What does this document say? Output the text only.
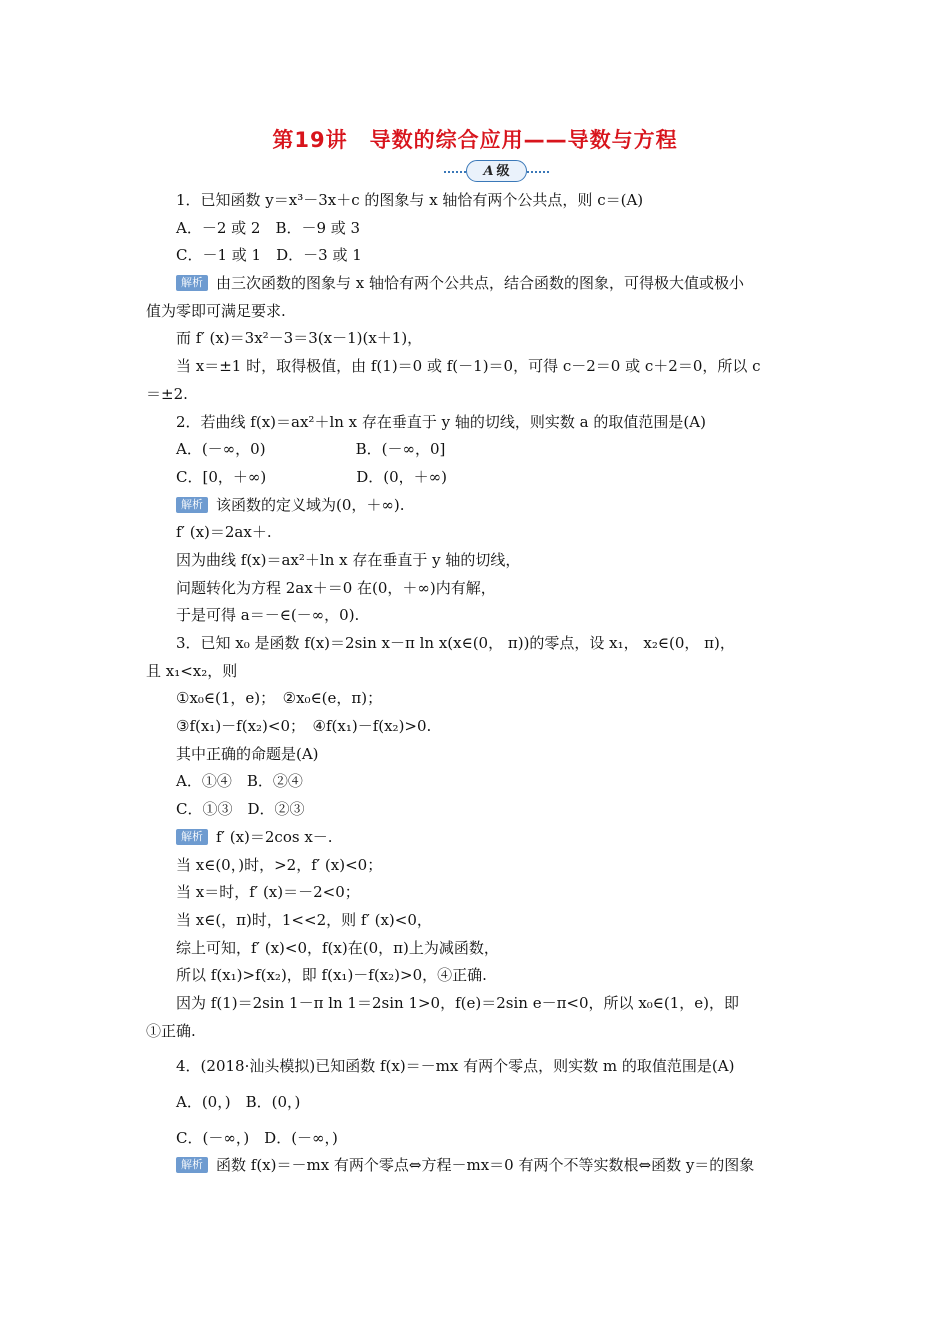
第19讲　导数的综合应用——导数与方程
A 级
1．已知函数 y＝x³－3x＋c 的图象与 x 轴恰有两个公共点，则 c＝(A)
A．－2 或 2　B．－9 或 3
C．－1 或 1　D．－3 或 1
解析 由三次函数的图象与 x 轴恰有两个公共点，结合函数的图象，可得极大值或极小
值为零即可满足要求.
而 f′ (x)＝3x²－3＝3(x－1)(x＋1)，
当 x＝±1 时，取得极值，由 f(1)＝0 或 f(－1)＝0，可得 c－2＝0 或 c＋2＝0，所以 c
＝±2.
2．若曲线 f(x)＝ax²＋ln x 存在垂直于 y 轴的切线，则实数 a 的取值范围是(A)
A．(－∞，0)　　　　　　B．(－∞，0]
C．[0，＋∞)　　　　　　D．(0，＋∞)
解析 该函数的定义域为(0，＋∞).
f′ (x)＝2ax＋.
因为曲线 f(x)＝ax²＋ln x 存在垂直于 y 轴的切线，
问题转化为方程 2ax＋＝0 在(0，＋∞)内有解，
于是可得 a＝－∈(－∞，0).
3．已知 x₀ 是函数 f(x)＝2sin x－π ln x(x∈(0， π))的零点，设 x₁， x₂∈(0， π)，
且 x₁<x₂，则
①x₀∈(1，e)；　②x₀∈(e，π)；
③f(x₁)－f(x₂)<0；　④f(x₁)－f(x₂)>0.
其中正确的命题是(A)
A．①④　B．②④
C．①③　D．②③
解析 f′ (x)＝2cos x－.
当 x∈(0，)时，>2，f′ (x)<0；
当 x＝时，f′ (x)＝－2<0；
当 x∈(，π)时，1<<2，则 f′ (x)<0，
综上可知，f′ (x)<0，f(x)在(0，π)上为减函数，
所以 f(x₁)>f(x₂)，即 f(x₁)－f(x₂)>0，④正确.
因为 f(1)＝2sin 1－π ln 1＝2sin 1>0，f(e)＝2sin e－π<0，所以 x₀∈(1，e)，即
①正确.
4．(2018·汕头模拟)已知函数 f(x)＝－mx 有两个零点，则实数 m 的取值范围是(A)
A．(0，)　B．(0，)
C．(－∞，)　D．(－∞，)
解析 函数 f(x)＝－mx 有两个零点⇔方程－mx＝0 有两个不等实数根⇔函数 y＝的图象
